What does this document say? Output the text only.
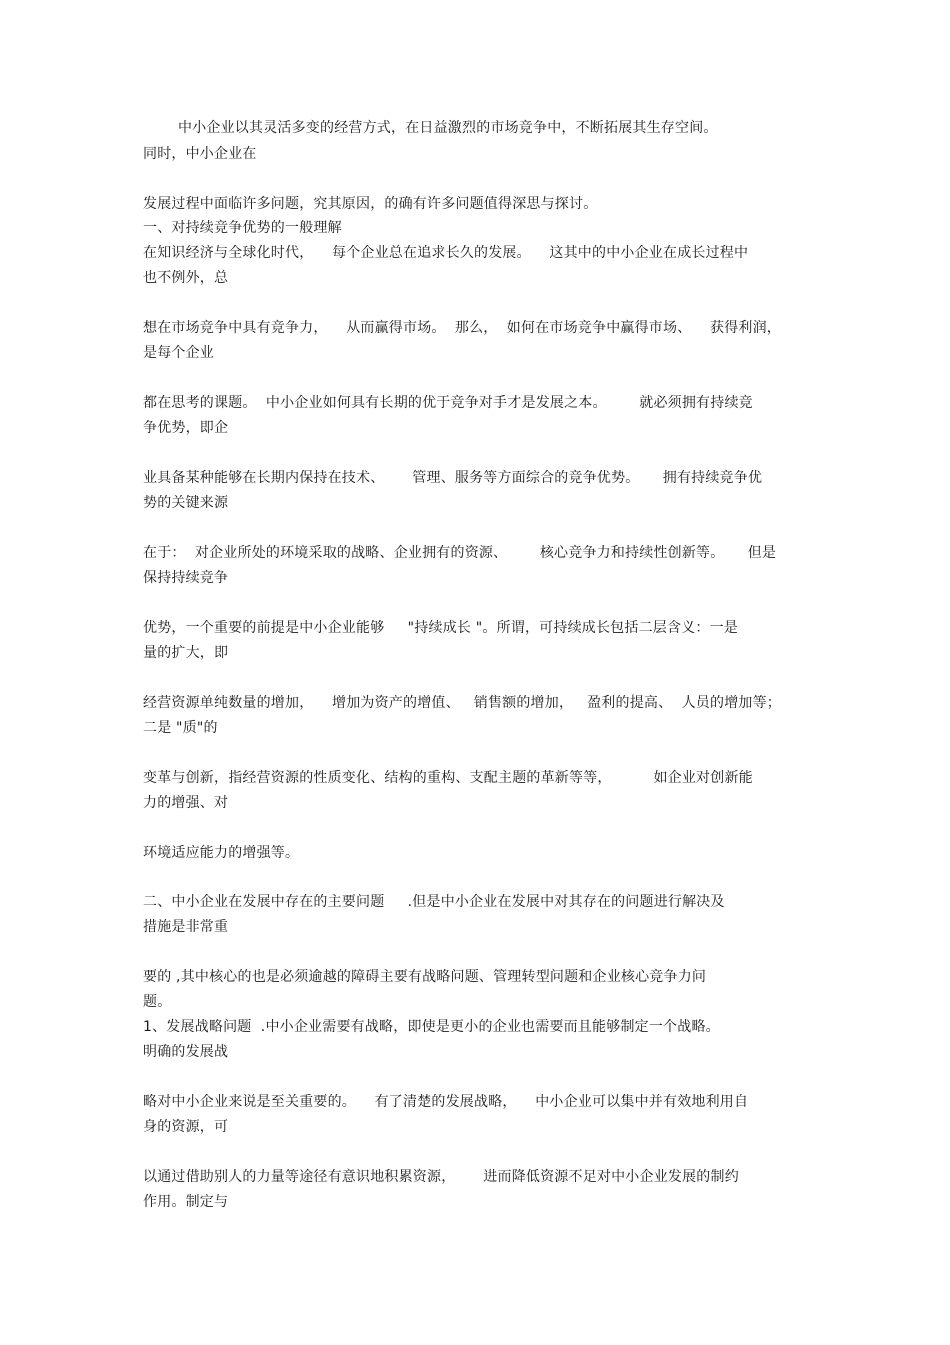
中小企业以其灵活多变的经营方式，在日益激烈的市场竞争中，不断拓展其生存空间。
同时，中小企业在
发展过程中面临许多问题，究其原因，的确有许多问题值得深思与探讨。
一、对持续竞争优势的一般理解
在知识经济与全球化时代，    每个企业总在追求长久的发展。    这其中的中小企业在成长过程中
也不例外，总
想在市场竞争中具有竞争力，    从而赢得市场。  那么，  如何在市场竞争中赢得市场、    获得利润，
是每个企业
都在思考的课题。  中小企业如何具有长期的优于竞争对手才是发展之本。       就必须拥有持续竞
争优势，即企
业具备某种能够在长期内保持在技术、      管理、服务等方面综合的竞争优势。     拥有持续竞争优
势的关键来源
在于：  对企业所处的环境采取的战略、企业拥有的资源、       核心竞争力和持续性创新等。     但是
保持持续竞争
优势，一个重要的前提是中小企业能够     "持续成长 "。所谓，可持续成长包括二层含义：一是
量的扩大，即
经营资源单纯数量的增加，    增加为资产的增值、   销售额的增加，   盈利的提高、  人员的增加等；
二是 "质"的
变革与创新，指经营资源的性质变化、结构的重构、支配主题的革新等等，         如企业对创新能
力的增强、对
环境适应能力的增强等。
二、中小企业在发展中存在的主要问题     .但是中小企业在发展中对其存在的问题进行解决及
措施是非常重
要的 ,其中核心的也是必须逾越的障碍主要有战略问题、管理转型问题和企业核心竞争力问
题。
1、发展战略问题  .中小企业需要有战略，即使是更小的企业也需要而且能够制定一个战略。
明确的发展战
略对中小企业来说是至关重要的。    有了清楚的发展战略，    中小企业可以集中并有效地利用自
身的资源，可
以通过借助别人的力量等途径有意识地积累资源，      进而降低资源不足对中小企业发展的制约
作用。制定与
